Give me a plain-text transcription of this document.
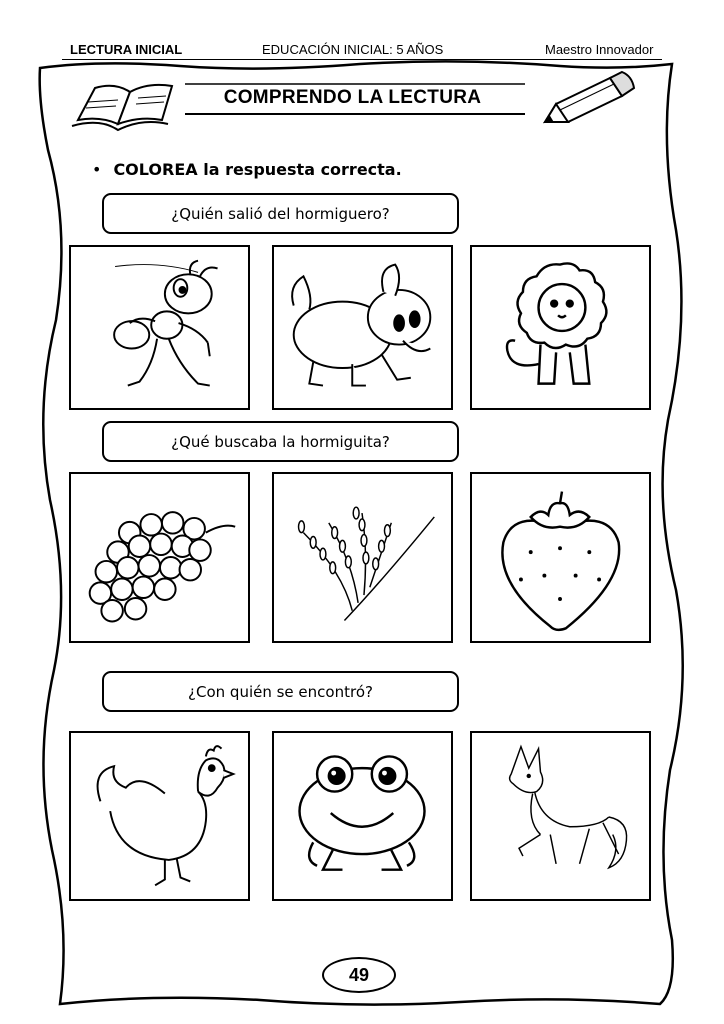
LECTURA INICIAL	EDUCACIÓN INICIAL: 5 AÑOS	Maestro Innovador
COMPRENDO LA LECTURA
• COLOREA la respuesta correcta.
¿Quién salió del hormiguero?
¿Qué buscaba la hormiguita?
¿Con quién se encontró?
49
